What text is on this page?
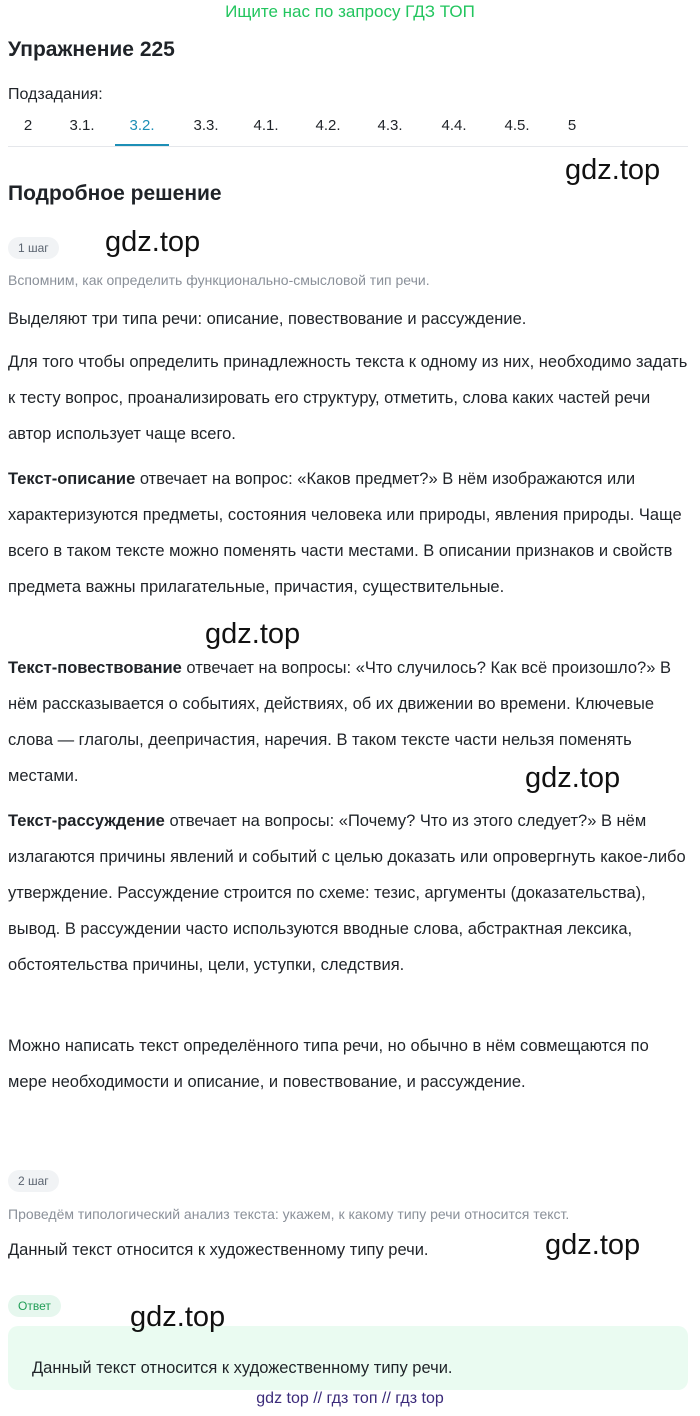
Ищите нас по запросу ГДЗ ТОП
Упражнение 225
Подзадания:
2	3.1.	3.2.	3.3.	4.1.	4.2.	4.3.	4.4.	4.5.	5
gdz.top
Подробное решение
1 шаг	gdz.top
Вспомним, как определить функционально-смысловой тип речи.
Выделяют три типа речи: описание, повествование и рассуждение.
Для того чтобы определить принадлежность текста к одному из них, необходимо задать к тесту вопрос, проанализировать его структуру, отметить, слова каких частей речи автор использует чаще всего.
Текст-описание отвечает на вопрос: «Каков предмет?» В нём изображаются или характеризуются предметы, состояния человека или природы, явления природы. Чаще всего в таком тексте можно поменять части местами. В описании признаков и свойств предмета важны прилагательные, причастия, существительные.
gdz.top
Текст-повествование отвечает на вопросы: «Что случилось? Как всё произошло?» В нём рассказывается о событиях, действиях, об их движении во времени. Ключевые слова — глаголы, деепричастия, наречия. В таком тексте части нельзя поменять местами.	gdz.top
Текст-рассуждение отвечает на вопросы: «Почему? Что из этого следует?» В нём излагаются причины явлений и событий с целью доказать или опровергнуть какое-либо утверждение. Рассуждение строится по схеме: тезис, аргументы (доказательства), вывод. В рассуждении часто используются вводные слова, абстрактная лексика, обстоятельства причины, цели, уступки, следствия.
Можно написать текст определённого типа речи, но обычно в нём совмещаются по мере необходимости и описание, и повествование, и рассуждение.
2 шаг
Проведём типологический анализ текста: укажем, к какому типу речи относится текст.
Данный текст относится к художественному типу речи.	gdz.top
Ответ	gdz.top
Данный текст относится к художественному типу речи.
gdz top // гдз топ // гдз top
